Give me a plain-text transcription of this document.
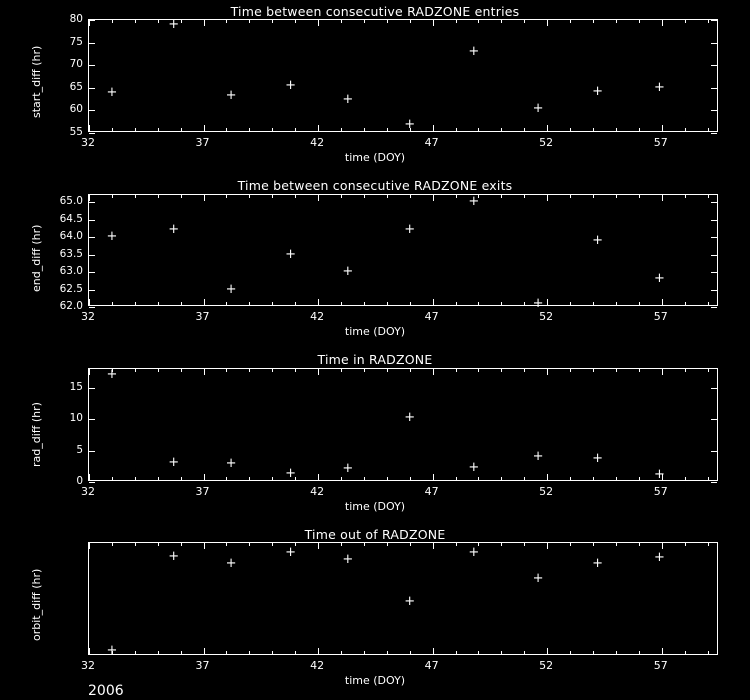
2006
Time between consecutive RADZONE entries
+
+
+
+
+
+
+
+
+	+
55
60
65
70
75
80
32	37	42	47	52	57
time (DOY)
start_diff (hr)
Time between consecutive RADZONE exits
+	+
+
+
+
+
+
+
+
+
62.0
62.5
63.0
63.5
64.0
64.5
65.0
32	37	42	47	52	57
time (DOY)
end_diff (hr)
Time in RADZONE
+
+	+
+	+
+
+
+	+
+
0
5
10
15
32	37	42	47	52	57
time (DOY)
rad_diff (hr)
Time out of RADZONE
+
+	+
+
+
+
+
+
+	+
32	37	42	47	52	57
time (DOY)
orbit_diff (hr)
